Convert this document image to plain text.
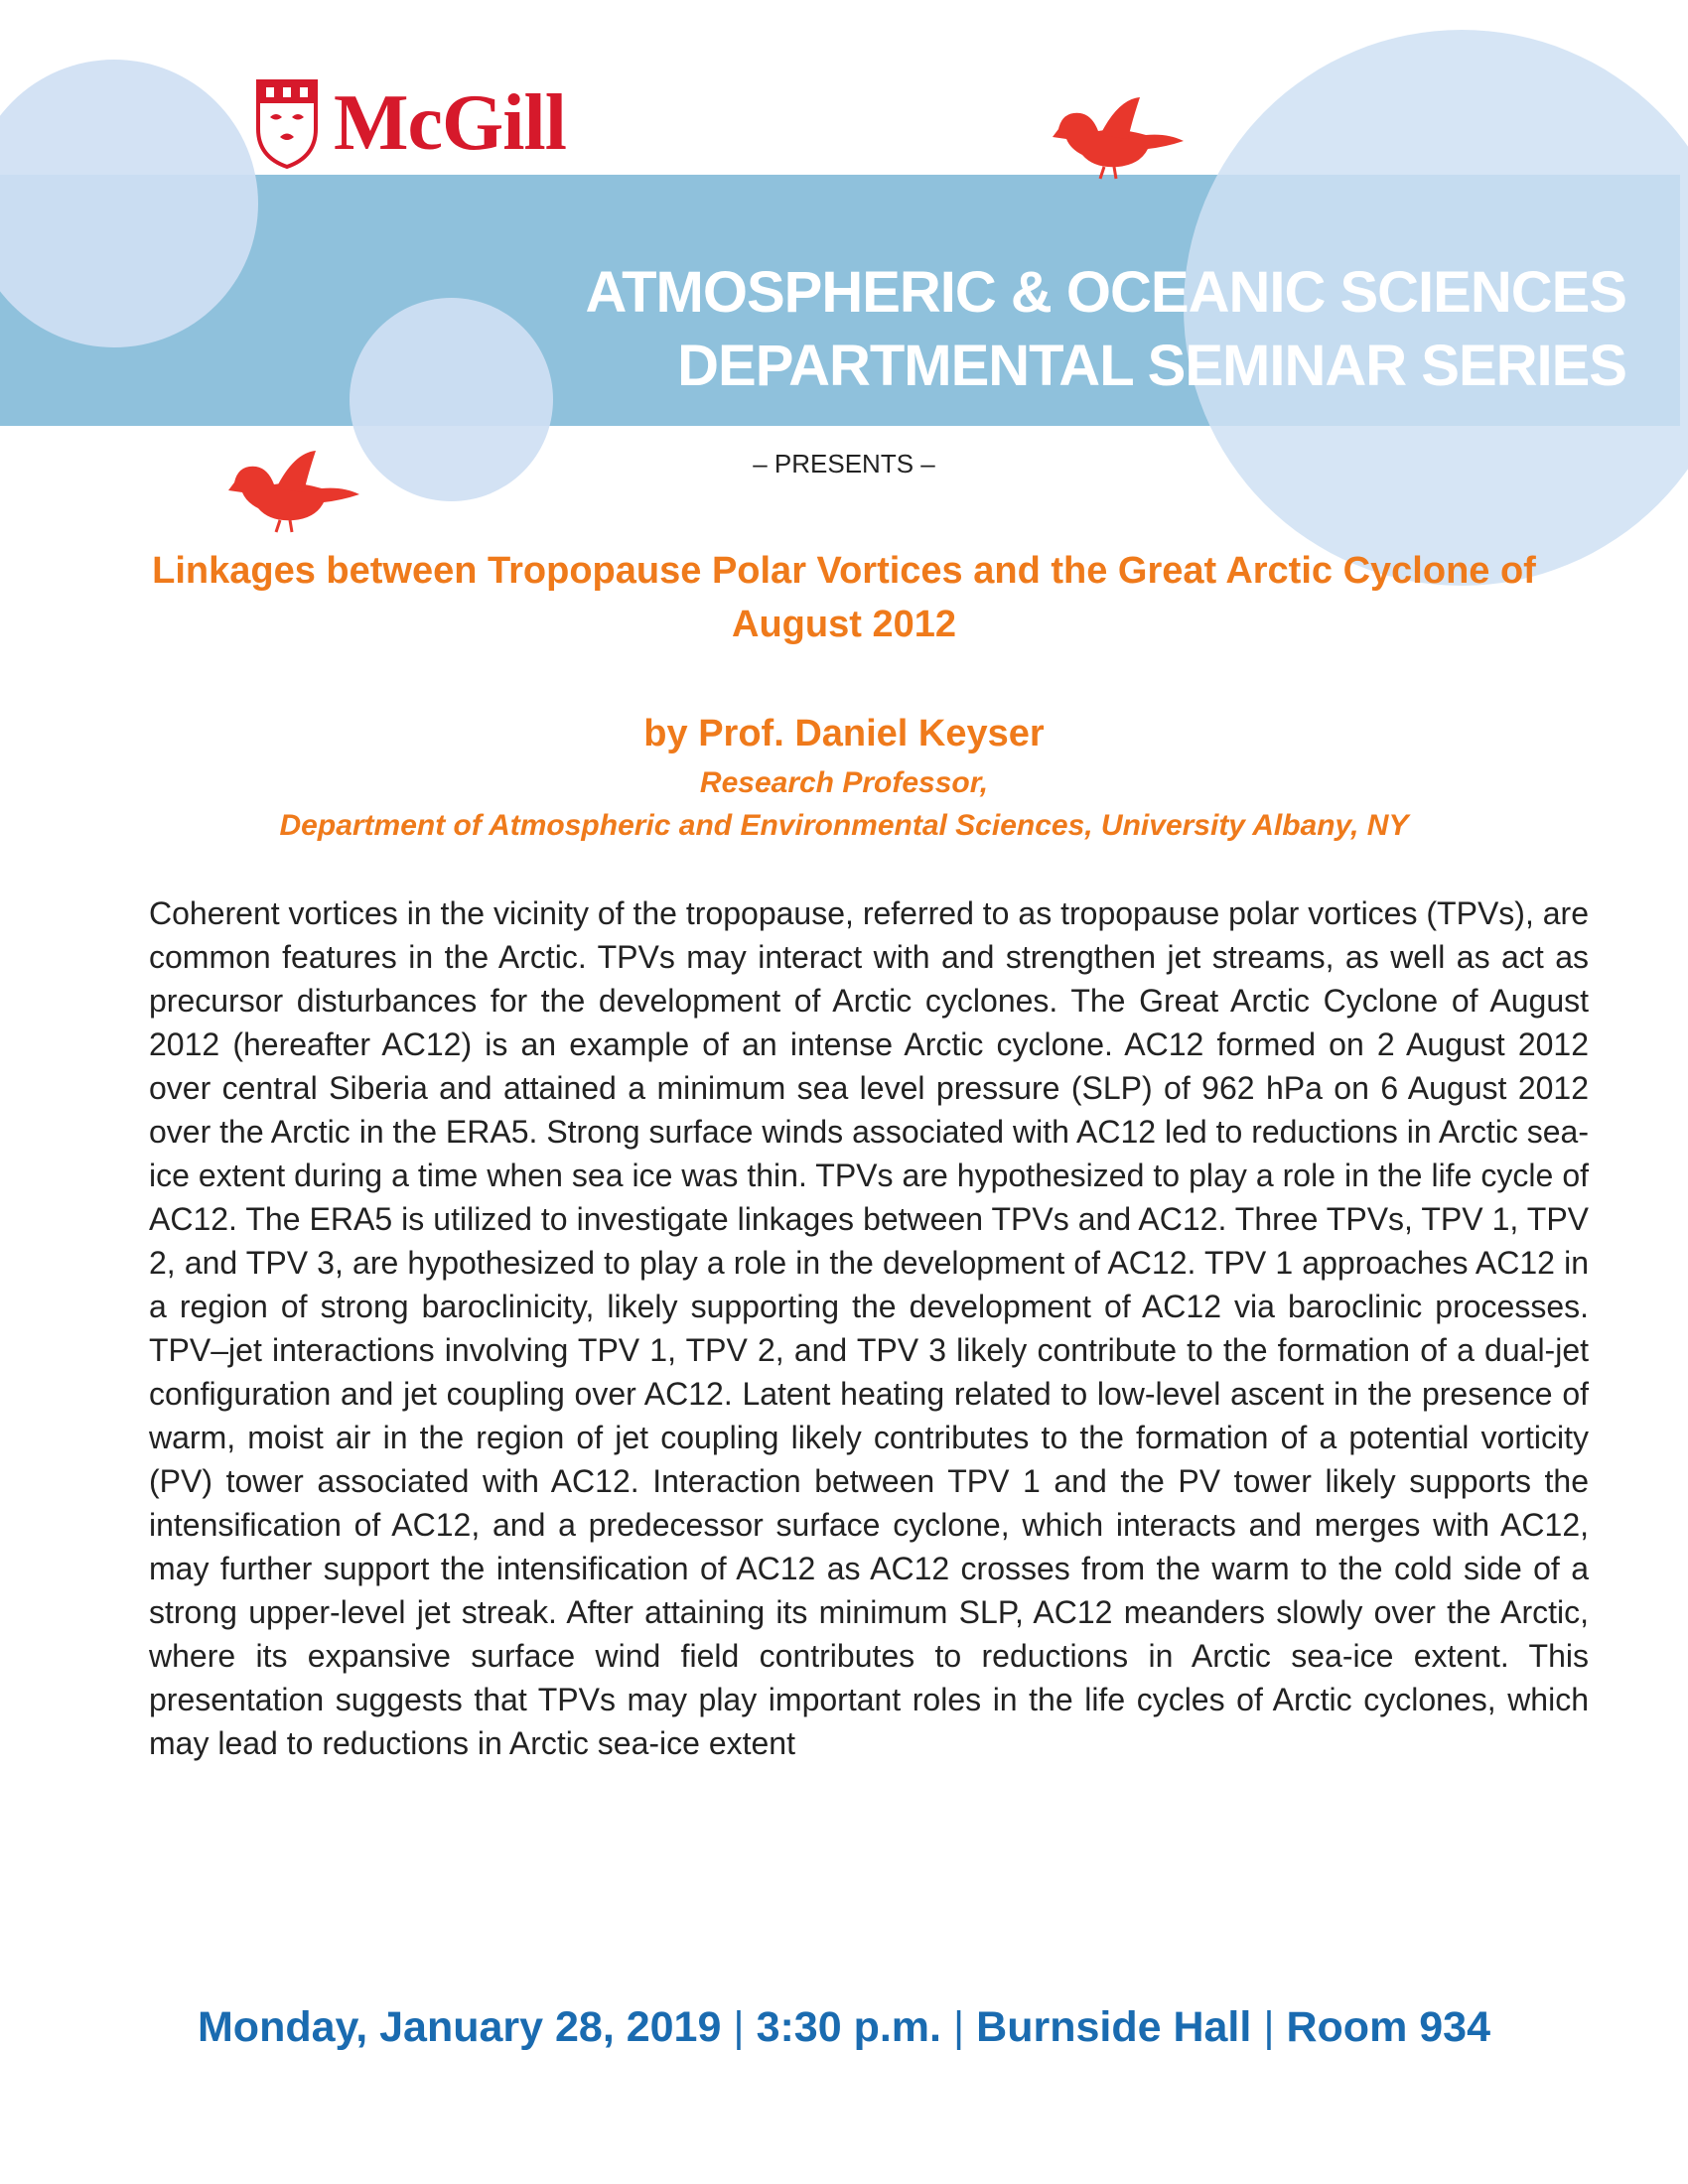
McGill
ATMOSPHERIC & OCEANIC SCIENCES
DEPARTMENTAL SEMINAR SERIES
– PRESENTS –
Linkages between Tropopause Polar Vortices and the Great Arctic Cyclone of August 2012
by Prof. Daniel Keyser
Research Professor,
Department of Atmospheric and Environmental Sciences, University Albany, NY
Coherent vortices in the vicinity of the tropopause, referred to as tropopause polar vortices (TPVs), are common features in the Arctic. TPVs may interact with and strengthen jet streams, as well as act as precursor disturbances for the development of Arctic cyclones. The Great Arctic Cyclone of August 2012 (hereafter AC12) is an example of an intense Arctic cyclone. AC12 formed on 2 August 2012 over central Siberia and attained a minimum sea level pressure (SLP) of 962 hPa on 6 August 2012 over the Arctic in the ERA5. Strong surface winds associated with AC12 led to reductions in Arctic sea-ice extent during a time when sea ice was thin. TPVs are hypothesized to play a role in the life cycle of AC12. The ERA5 is utilized to investigate linkages between TPVs and AC12. Three TPVs, TPV 1, TPV 2, and TPV 3, are hypothesized to play a role in the development of AC12. TPV 1 approaches AC12 in a region of strong baroclinicity, likely supporting the development of AC12 via baroclinic processes. TPV–jet interactions involving TPV 1, TPV 2, and TPV 3 likely contribute to the formation of a dual-jet configuration and jet coupling over AC12. Latent heating related to low-level ascent in the presence of warm, moist air in the region of jet coupling likely contributes to the formation of a potential vorticity (PV) tower associated with AC12. Interaction between TPV 1 and the PV tower likely supports the intensification of AC12, and a predecessor surface cyclone, which interacts and merges with AC12, may further support the intensification of AC12 as AC12 crosses from the warm to the cold side of a strong upper-level jet streak. After attaining its minimum SLP, AC12 meanders slowly over the Arctic, where its expansive surface wind field contributes to reductions in Arctic sea-ice extent. This presentation suggests that TPVs may play important roles in the life cycles of Arctic cyclones, which may lead to reductions in Arctic sea-ice extent
Monday, January 28, 2019 | 3:30 p.m. | Burnside Hall | Room 934
